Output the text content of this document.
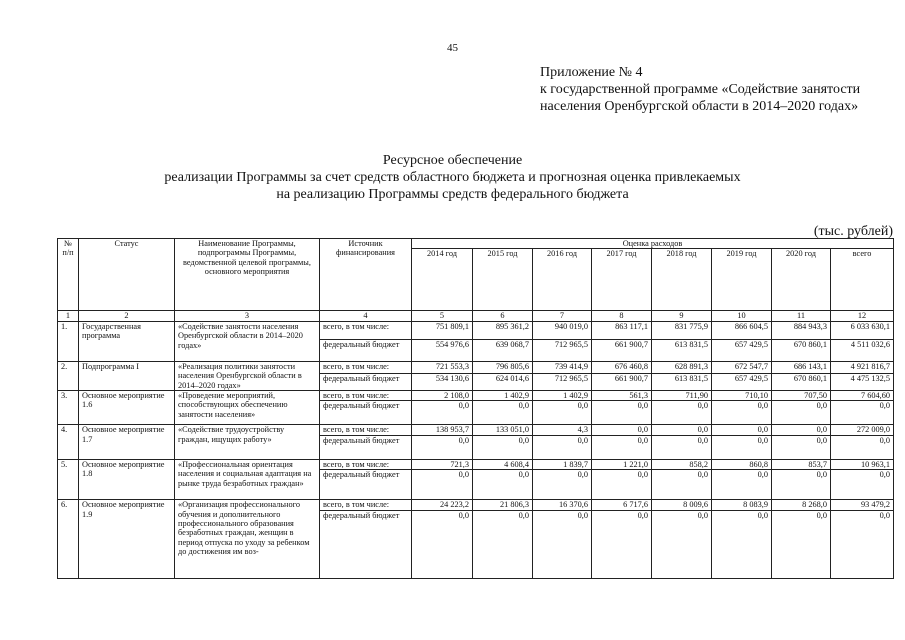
45
Приложение № 4
к государственной программе «Содействие занятости
населения Оренбургской области в 2014–2020 годах»
Ресурсное обеспечение
реализации Программы за счет средств областного бюджета и прогнозная оценка привлекаемых
на реализацию Программы средств федерального бюджета
(тыс. рублей)
№ п/п	Статус	Наименование Программы, подпрограммы Программы, ведомственной целевой программы, основного мероприятия	Источник финансирования	Оценка расходов							
				2014 год	2015 год	2016 год	2017 год	2018 год	2019 год	2020 год	всего
1	2	3	4	5	6	7	8	9	10	11	12
1.	Государственная программа	«Содействие занятости населения Оренбургской области в 2014–2020 годах»	всего, в том числе:	751 809,1	895 361,2	940 019,0	863 117,1	831 775,9	866 604,5	884 943,3	6 033 630,1
			федеральный бюджет	554 976,6	639 068,7	712 965,5	661 900,7	613 831,5	657 429,5	670 860,1	4 511 032,6
2.	Подпрограмма I	«Реализация политики занятости населения Оренбургской области в 2014–2020 годах»	всего, в том числе:	721 553,3	796 805,6	739 414,9	676 460,8	628 891,3	672 547,7	686 143,1	4 921 816,7
			федеральный бюджет	534 130,6	624 014,6	712 965,5	661 900,7	613 831,5	657 429,5	670 860,1	4 475 132,5
3.	Основное мероприятие 1.6	«Проведение мероприятий, способствующих обеспечению занятости населения»	всего, в том числе:	2 108,0	1 402,9	1 402,9	561,3	711,90	710,10	707,50	7 604,60
			федеральный бюджет	0,0	0,0	0,0	0,0	0,0	0,0	0,0	0,0
4.	Основное мероприятие 1.7	«Содействие трудоустройству граждан, ищущих работу»	всего, в том числе:	138 953,7	133 051,0	4,3	0,0	0,0	0,0	0,0	272 009,0
			федеральный бюджет	0,0	0,0	0,0	0,0	0,0	0,0	0,0	0,0
5.	Основное мероприятие 1.8	«Профессиональная ориентация населения и социальная адаптация на рынке труда безработных граждан»	всего, в том числе:	721,3	4 608,4	1 839,7	1 221,0	858,2	860,8	853,7	10 963,1
			федеральный бюджет	0,0	0,0	0,0	0,0	0,0	0,0	0,0	0,0
6.	Основное мероприятие 1.9	«Организация профессионального обучения и дополнительного профессионального образования безработных граждан, женщин в период отпуска по уходу за ребенком до достижения им воз-	всего, в том числе:	24 223,2	21 806,3	16 370,6	6 717,6	8 009,6	8 083,9	8 268,0	93 479,2
			федеральный бюджет	0,0	0,0	0,0	0,0	0,0	0,0	0,0	0,0
